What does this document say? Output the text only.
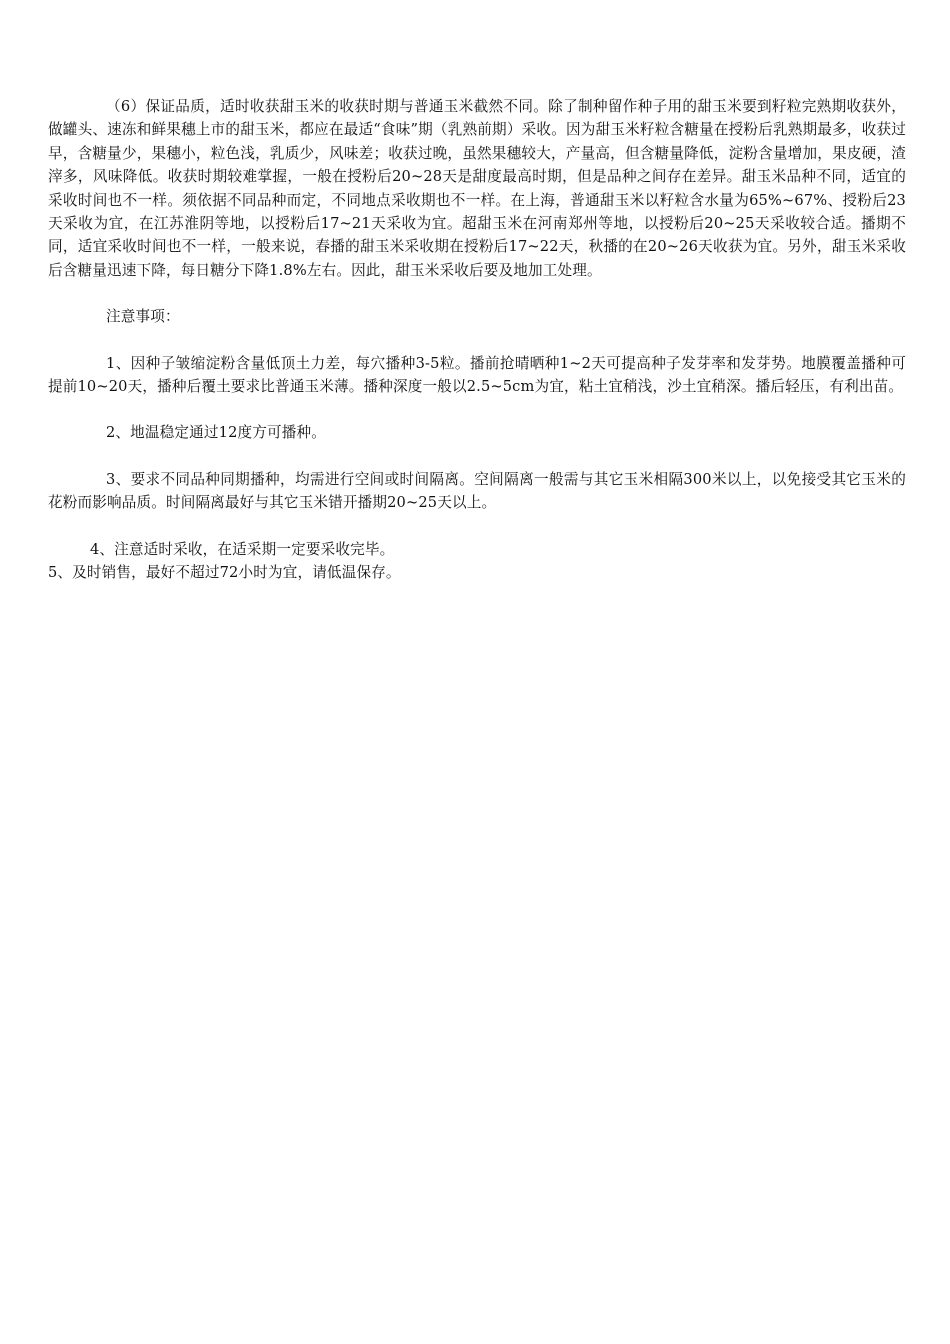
（6）保证品质，适时收获甜玉米的收获时期与普通玉米截然不同。除了制种留作种子用的甜玉米要到籽粒完熟期收获外，做罐头、速冻和鲜果穗上市的甜玉米，都应在最适“食味”期（乳熟前期）采收。因为甜玉米籽粒含糖量在授粉后乳熟期最多，收获过早，含糖量少，果穗小，粒色浅，乳质少，风味差；收获过晚，虽然果穗较大，产量高，但含糖量降低，淀粉含量增加，果皮硬，渣滓多，风味降低。收获时期较难掌握，一般在授粉后20~28天是甜度最高时期，但是品种之间存在差异。甜玉米品种不同，适宜的采收时间也不一样。须依据不同品种而定，不同地点采收期也不一样。在上海，普通甜玉米以籽粒含水量为65%~67%、授粉后23天采收为宜，在江苏淮阴等地，以授粉后17~21天采收为宜。超甜玉米在河南郑州等地，以授粉后20~25天采收较合适。播期不同，适宜采收时间也不一样，一般来说，春播的甜玉米采收期在授粉后17~22天，秋播的在20~26天收获为宜。另外，甜玉米采收后含糖量迅速下降，每日糖分下降1.8%左右。因此，甜玉米采收后要及地加工处理。

注意事项：

1、因种子皱缩淀粉含量低顶土力差，每穴播种3-5粒。播前抢晴晒种1~2天可提高种子发芽率和发芽势。地膜覆盖播种可提前10~20天，播种后覆土要求比普通玉米薄。播种深度一般以2.5~5cm为宜，粘土宜稍浅，沙土宜稍深。播后轻压，有利出苗。

2、地温稳定通过12度方可播种。

3、要求不同品种同期播种，均需进行空间或时间隔离。空间隔离一般需与其它玉米相隔300米以上，以免接受其它玉米的花粉而影响品质。时间隔离最好与其它玉米错开播期20~25天以上。

4、注意适时采收，在适采期一定要采收完毕。

5、及时销售，最好不超过72小时为宜，请低温保存。
